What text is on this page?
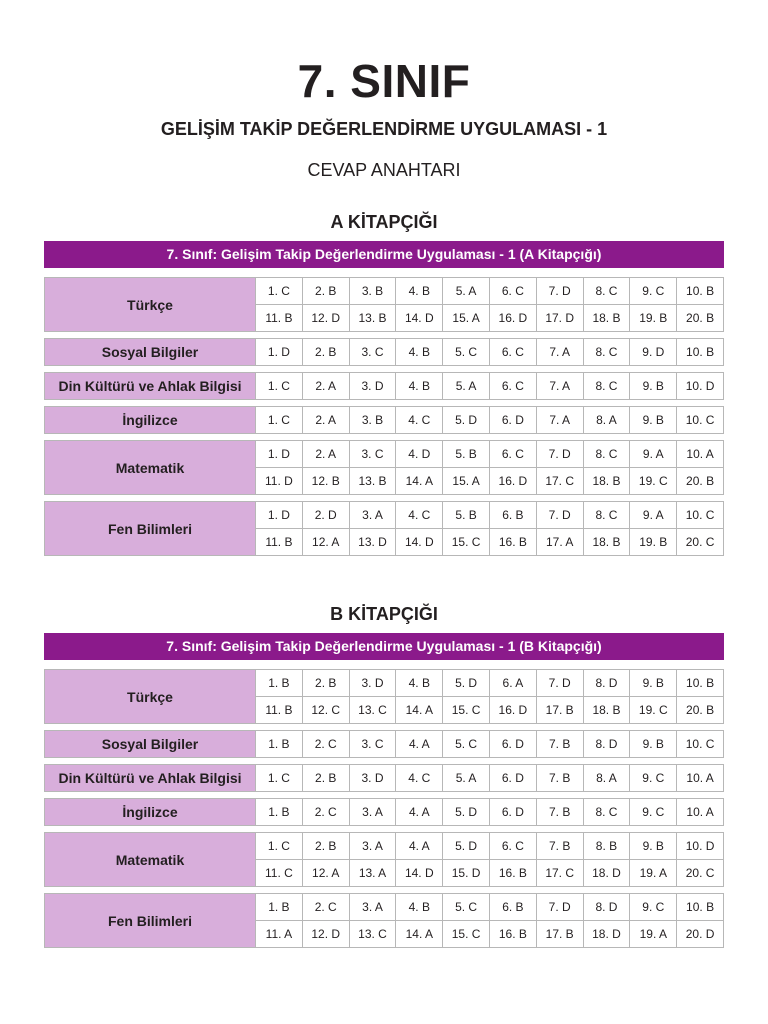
7. SINIF
GELİŞİM TAKİP DEĞERLENDİRME UYGULAMASI - 1
CEVAP ANAHTARI
A KİTAPÇIĞI
7. Sınıf: Gelişim Takip Değerlendirme Uygulaması - 1 (A Kitapçığı)
Türkçe
1. C	2. B	3. B	4. B	5. A	6. C	7. D	8. C	9. C	10. B
11. B	12. D	13. B	14. D	15. A	16. D	17. D	18. B	19. B	20. B
Sosyal Bilgiler	1. D	2. B	3. C	4. B	5. C	6. C	7. A	8. C	9. D	10. B
Din Kültürü ve Ahlak Bilgisi	1. C	2. A	3. D	4. B	5. A	6. C	7. A	8. C	9. B	10. D
İngilizce	1. C	2. A	3. B	4. C	5. D	6. D	7. A	8. A	9. B	10. C
Matematik
1. D	2. A	3. C	4. D	5. B	6. C	7. D	8. C	9. A	10. A
11. D	12. B	13. B	14. A	15. A	16. D	17. C	18. B	19. C	20. B
Fen Bilimleri
1. D	2. D	3. A	4. C	5. B	6. B	7. D	8. C	9. A	10. C
11. B	12. A	13. D	14. D	15. C	16. B	17. A	18. B	19. B	20. C
B KİTAPÇIĞI
7. Sınıf: Gelişim Takip Değerlendirme Uygulaması - 1 (B Kitapçığı)
Türkçe
1. B	2. B	3. D	4. B	5. D	6. A	7. D	8. D	9. B	10. B
11. B	12. C	13. C	14. A	15. C	16. D	17. B	18. B	19. C	20. B
Sosyal Bilgiler	1. B	2. C	3. C	4. A	5. C	6. D	7. B	8. D	9. B	10. C
Din Kültürü ve Ahlak Bilgisi	1. C	2. B	3. D	4. C	5. A	6. D	7. B	8. A	9. C	10. A
İngilizce	1. B	2. C	3. A	4. A	5. D	6. D	7. B	8. C	9. C	10. A
Matematik
1. C	2. B	3. A	4. A	5. D	6. C	7. B	8. B	9. B	10. D
11. C	12. A	13. A	14. D	15. D	16. B	17. C	18. D	19. A	20. C
Fen Bilimleri
1. B	2. C	3. A	4. B	5. C	6. B	7. D	8. D	9. C	10. B
11. A	12. D	13. C	14. A	15. C	16. B	17. B	18. D	19. A	20. D
